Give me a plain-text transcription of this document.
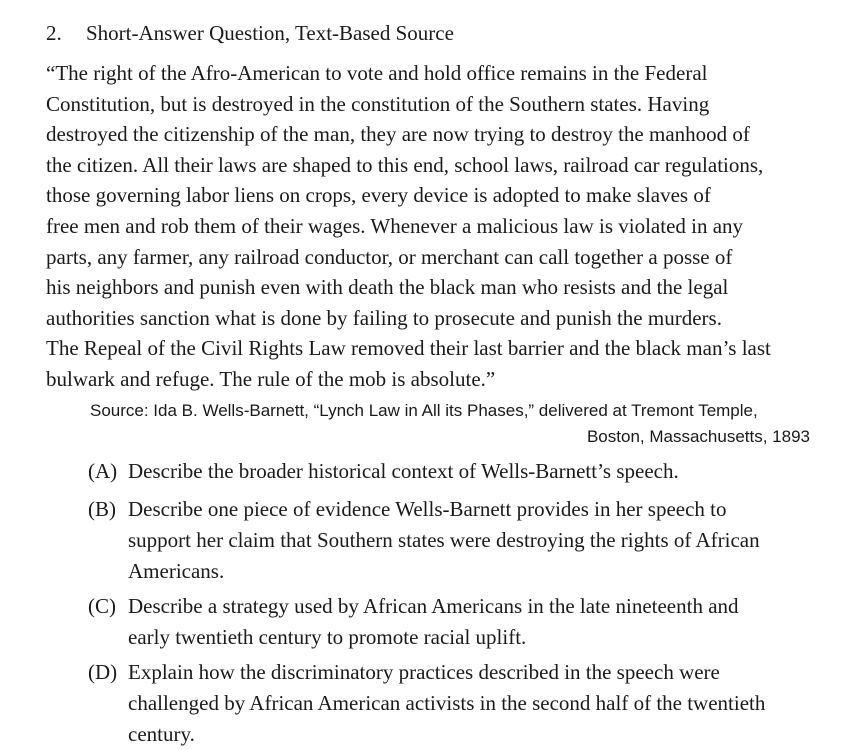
2. Short-Answer Question, Text-Based Source
“The right of the Afro-American to vote and hold office remains in the Federal
Constitution, but is destroyed in the constitution of the Southern states. Having
destroyed the citizenship of the man, they are now trying to destroy the manhood of
the citizen. All their laws are shaped to this end, school laws, railroad car regulations,
those governing labor liens on crops, every device is adopted to make slaves of
free men and rob them of their wages. Whenever a malicious law is violated in any
parts, any farmer, any railroad conductor, or merchant can call together a posse of
his neighbors and punish even with death the black man who resists and the legal
authorities sanction what is done by failing to prosecute and punish the murders.
The Repeal of the Civil Rights Law removed their last barrier and the black man’s last
bulwark and refuge. The rule of the mob is absolute.”
Source: Ida B. Wells-Barnett, “Lynch Law in All its Phases,” delivered at Tremont Temple,
Boston, Massachusetts, 1893
(A) Describe the broader historical context of Wells-Barnett’s speech.
(B) Describe one piece of evidence Wells-Barnett provides in her speech to
support her claim that Southern states were destroying the rights of African
Americans.
(C) Describe a strategy used by African Americans in the late nineteenth and
early twentieth century to promote racial uplift.
(D) Explain how the discriminatory practices described in the speech were
challenged by African American activists in the second half of the twentieth
century.
